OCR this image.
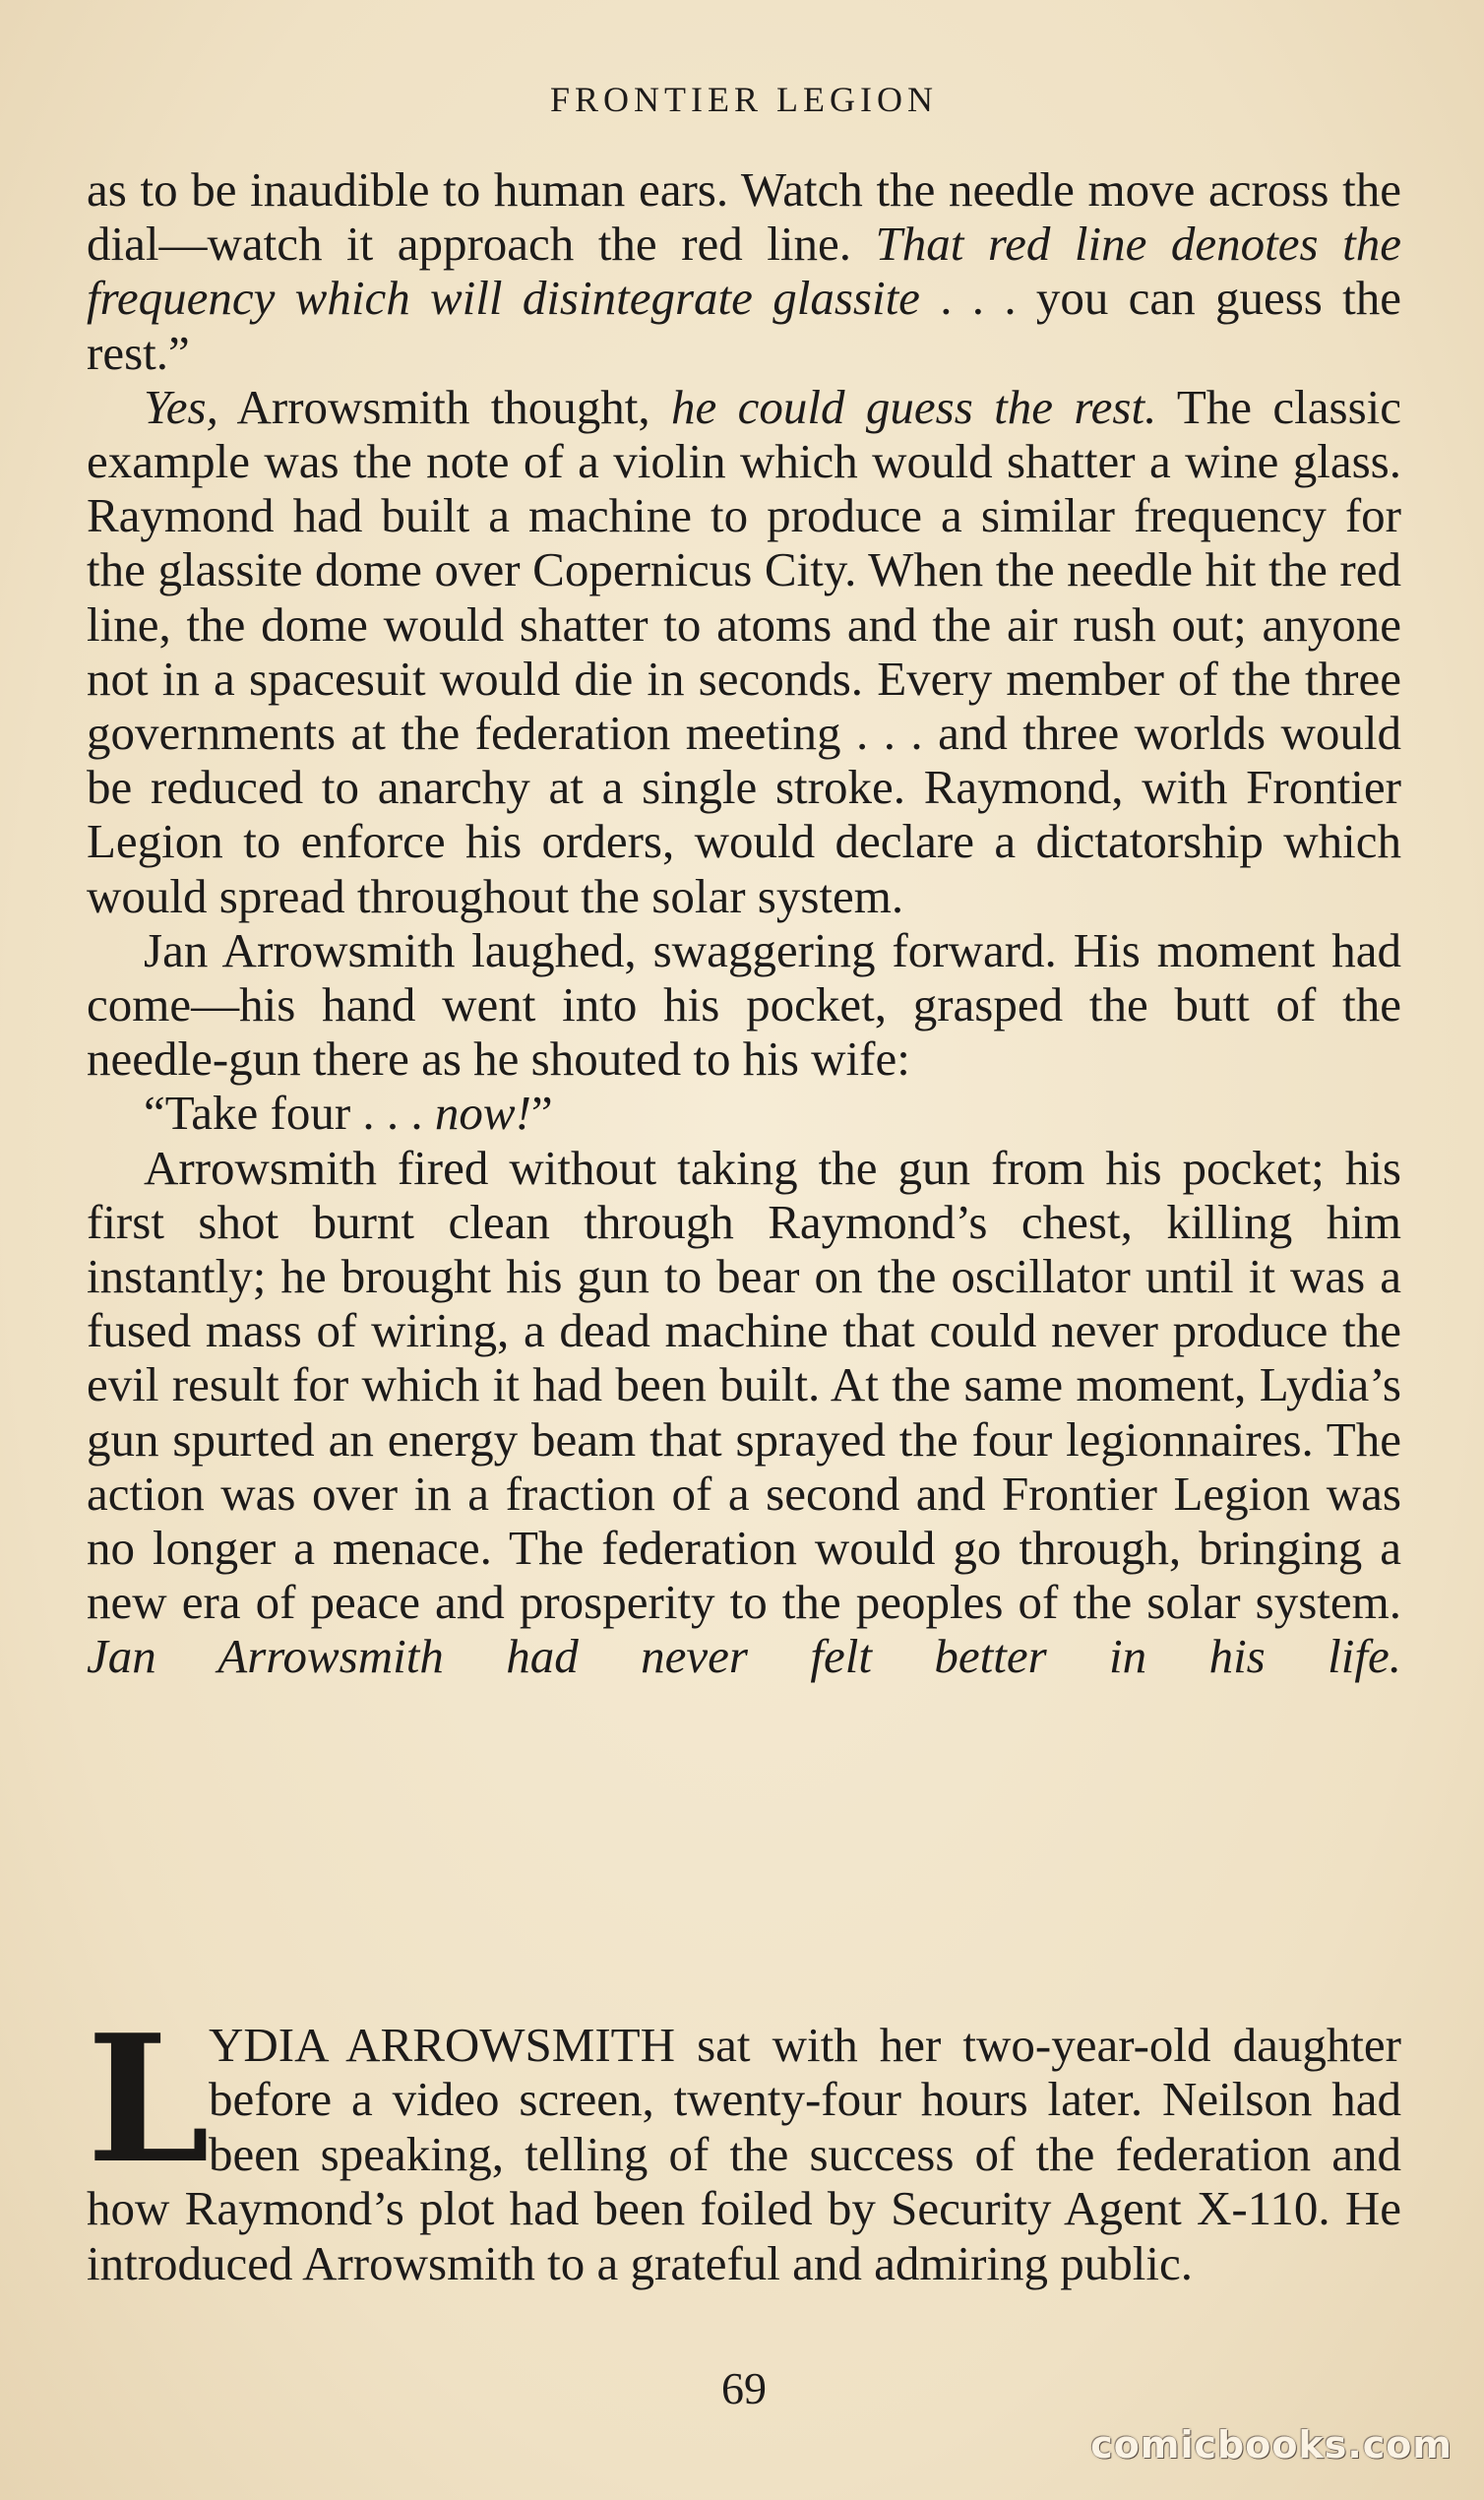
FRONTIER LEGION

as to be inaudible to human ears. Watch the needle move across the dial—watch it approach the red line. That red line denotes the frequency which will disintegrate glassite . . . you can guess the rest.”

Yes, Arrowsmith thought, he could guess the rest. The classic example was the note of a violin which would shatter a wine glass. Raymond had built a machine to produce a similar frequency for the glassite dome over Copernicus City. When the needle hit the red line, the dome would shatter to atoms and the air rush out; anyone not in a spacesuit would die in seconds. Every member of the three governments at the federation meeting . . . and three worlds would be reduced to anarchy at a single stroke. Raymond, with Frontier Legion to enforce his orders, would declare a dictatorship which would spread throughout the solar system.

Jan Arrowsmith laughed, swaggering forward. His moment had come—his hand went into his pocket, grasped the butt of the needle-gun there as he shouted to his wife:

“Take four . . . now!”

Arrowsmith fired without taking the gun from his pocket; his first shot burnt clean through Raymond’s chest, killing him instantly; he brought his gun to bear on the oscillator until it was a fused mass of wiring, a dead machine that could never produce the evil result for which it had been built. At the same moment, Lydia’s gun spurted an energy beam that sprayed the four legionnaires. The action was over in a fraction of a second and Frontier Legion was no longer a menace. The federation would go through, bringing a new era of peace and prosperity to the peoples of the solar system. Jan Arrowsmith had never felt better in his life.

L

YDIA ARROWSMITH sat with her two-year-old daughter before a video screen, twenty-four hours later. Neilson had been speaking, telling of the success of the federation and how Raymond’s plot had been foiled by Security Agent X-110. He introduced Arrowsmith to a grateful and admiring public.

69
comicbooks.com
